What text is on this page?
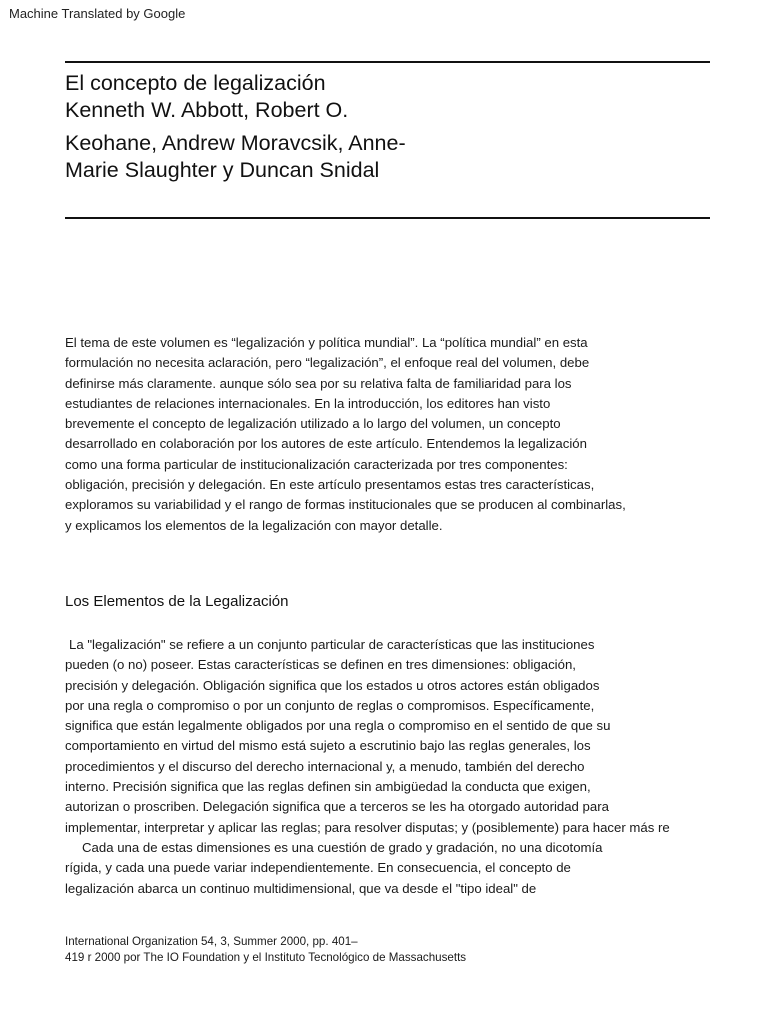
Machine Translated by Google
El concepto de legalización
Kenneth W. Abbott, Robert O.
Keohane, Andrew Moravcsik, Anne-
Marie Slaughter y Duncan Snidal
El tema de este volumen es “legalización y política mundial”. La “política mundial” en esta
formulación no necesita aclaración, pero “legalización”, el enfoque real del volumen, debe
definirse más claramente. aunque sólo sea por su relativa falta de familiaridad para los
estudiantes de relaciones internacionales. En la introducción, los editores han visto
brevemente el concepto de legalización utilizado a lo largo del volumen, un concepto
desarrollado en colaboración por los autores de este artículo. Entendemos la legalización
como una forma particular de institucionalización caracterizada por tres componentes:
obligación, precisión y delegación. En este artículo presentamos estas tres características,
exploramos su variabilidad y el rango de formas institucionales que se producen al combinarlas,
y explicamos los elementos de la legalización con mayor detalle.
Los Elementos de la Legalización
La "legalización" se refiere a un conjunto particular de características que las instituciones
pueden (o no) poseer. Estas características se definen en tres dimensiones: obligación,
precisión y delegación. Obligación significa que los estados u otros actores están obligados
por una regla o compromiso o por un conjunto de reglas o compromisos. Específicamente,
significa que están legalmente obligados por una regla o compromiso en el sentido de que su
comportamiento en virtud del mismo está sujeto a escrutinio bajo las reglas generales, los
procedimientos y el discurso del derecho internacional y, a menudo, también del derecho
interno. Precisión significa que las reglas definen sin ambigüedad la conducta que exigen,
autorizan o proscriben. Delegación significa que a terceros se les ha otorgado autoridad para
implementar, interpretar y aplicar las reglas; para resolver disputas; y (posiblemente) para hacer más re
Cada una de estas dimensiones es una cuestión de grado y gradación, no una dicotomía
rígida, y cada una puede variar independientemente. En consecuencia, el concepto de
legalización abarca un continuo multidimensional, que va desde el "tipo ideal" de
International Organization 54, 3, Summer 2000, pp. 401–
419 r 2000 por The IO Foundation y el Instituto Tecnológico de Massachusetts
